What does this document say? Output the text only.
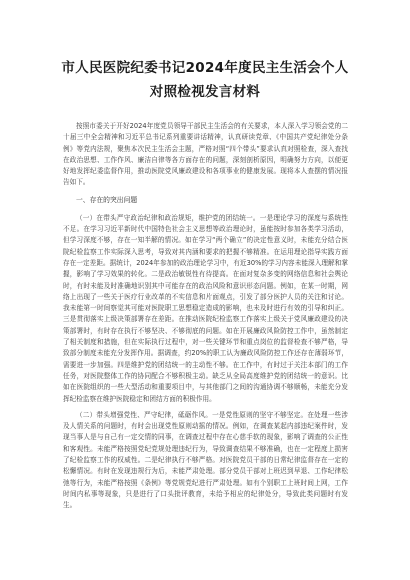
市人民医院纪委书记2024年度民主生活会个人对照检视发言材料

按照市委关于开好2024年度党员领导干部民主生活会的有关要求，本人深入学习领会党的二十届三中全会精神和习近平总书记系列重要讲话精神，认真研读党章、《中国共产党纪律处分条例》等党内法规，聚焦本次民主生活会主题，严格对照“四个带头”要求认真对照检查，深入查找在政治思想、工作作风、廉洁自律等各方面存在的问题，深刻剖析原因，明确努力方向，以便更好地发挥纪委监督作用，推动医院党风廉政建设和各项事业的健康发展。现将本人查摆的情况报告如下。

一、存在的突出问题

（一）在带头严守政治纪律和政治规矩，维护党的团结统一。一是理论学习的深度与系统性不足。在学习习近平新时代中国特色社会主义思想等政治理论时，虽能按时参加各类学习活动，但学习深度不够，存在一知半解的情况。如在学习“两个确立”的决定性意义时，未能充分结合医院纪检监察工作实际深入思考，导致对其内涵和要求的把握不够精准。在运用理论指导实践方面存在一定差距。据统计，2024年参加的政治理论学习中，有近30%的学习内容未能深入理解和掌握，影响了学习效果的转化。二是政治敏锐性有待提高。在面对复杂多变的网络信息和社会舆论时，有时未能及时准确地识别其中可能存在的政治风险和意识形态问题。例如，在某一时期，网络上出现了一些关于医疗行业改革的不实信息和片面观点，引发了部分医护人员的关注和讨论。我未能第一时间察觉其可能对医院职工思想稳定造成的影响，也未及时进行有效的引导和纠正。三是贯彻落实上级决策部署存在差距。在推动医院纪检监察工作落实上级关于党风廉政建设的决策部署时，有时存在执行不够坚决、不够彻底的问题。如在开展廉政风险防控工作中，虽然制定了相关制度和措施，但在实际执行过程中，对一些关键环节和重点岗位的监督检查不够严格，导致部分制度未能充分发挥作用。据调查，约20%的职工认为廉政风险防控工作还存在薄弱环节，需要进一步加强。四是维护党的团结统一的主动性不够。在工作中，有时过于关注本部门的工作任务，对医院整体工作的协同配合不够积极主动。缺乏从全局高度维护党的团结统一的意识。比如在医院组织的一些大型活动和重要项目中，与其他部门之间的沟通协调不够顺畅，未能充分发挥纪检监察在维护医院稳定和团结方面的积极作用。

（二）带头增强党性、严守纪律，砥砺作风。一是党性原则的坚守不够坚定。在处理一些涉及人情关系的问题时，有时会出现党性原则动摇的情况。例如，在调查某起内部违纪案件时，发现当事人是与自己有一定交情的同事，在调查过程中存在心慈手软的现象，影响了调查的公正性和客观性。未能严格按照党纪党规处理违纪行为，导致调查结果不够准确，也在一定程度上损害了纪检监察工作的权威性。二是纪律执行不够严格。对医院党员干部的日常纪律监督存在一定的松懈情况。有时在发现违规行为后，未能严肃处理。部分党员干部对上班迟到早退、工作纪律松弛等行为，未能严格按照《条例》等党规党纪进行严肃处理。如有个别职工上班时间上网，工作时间内私事等现象，只是进行了口头批评教育，未给予相应的纪律处分，导致此类问题时有发生。
